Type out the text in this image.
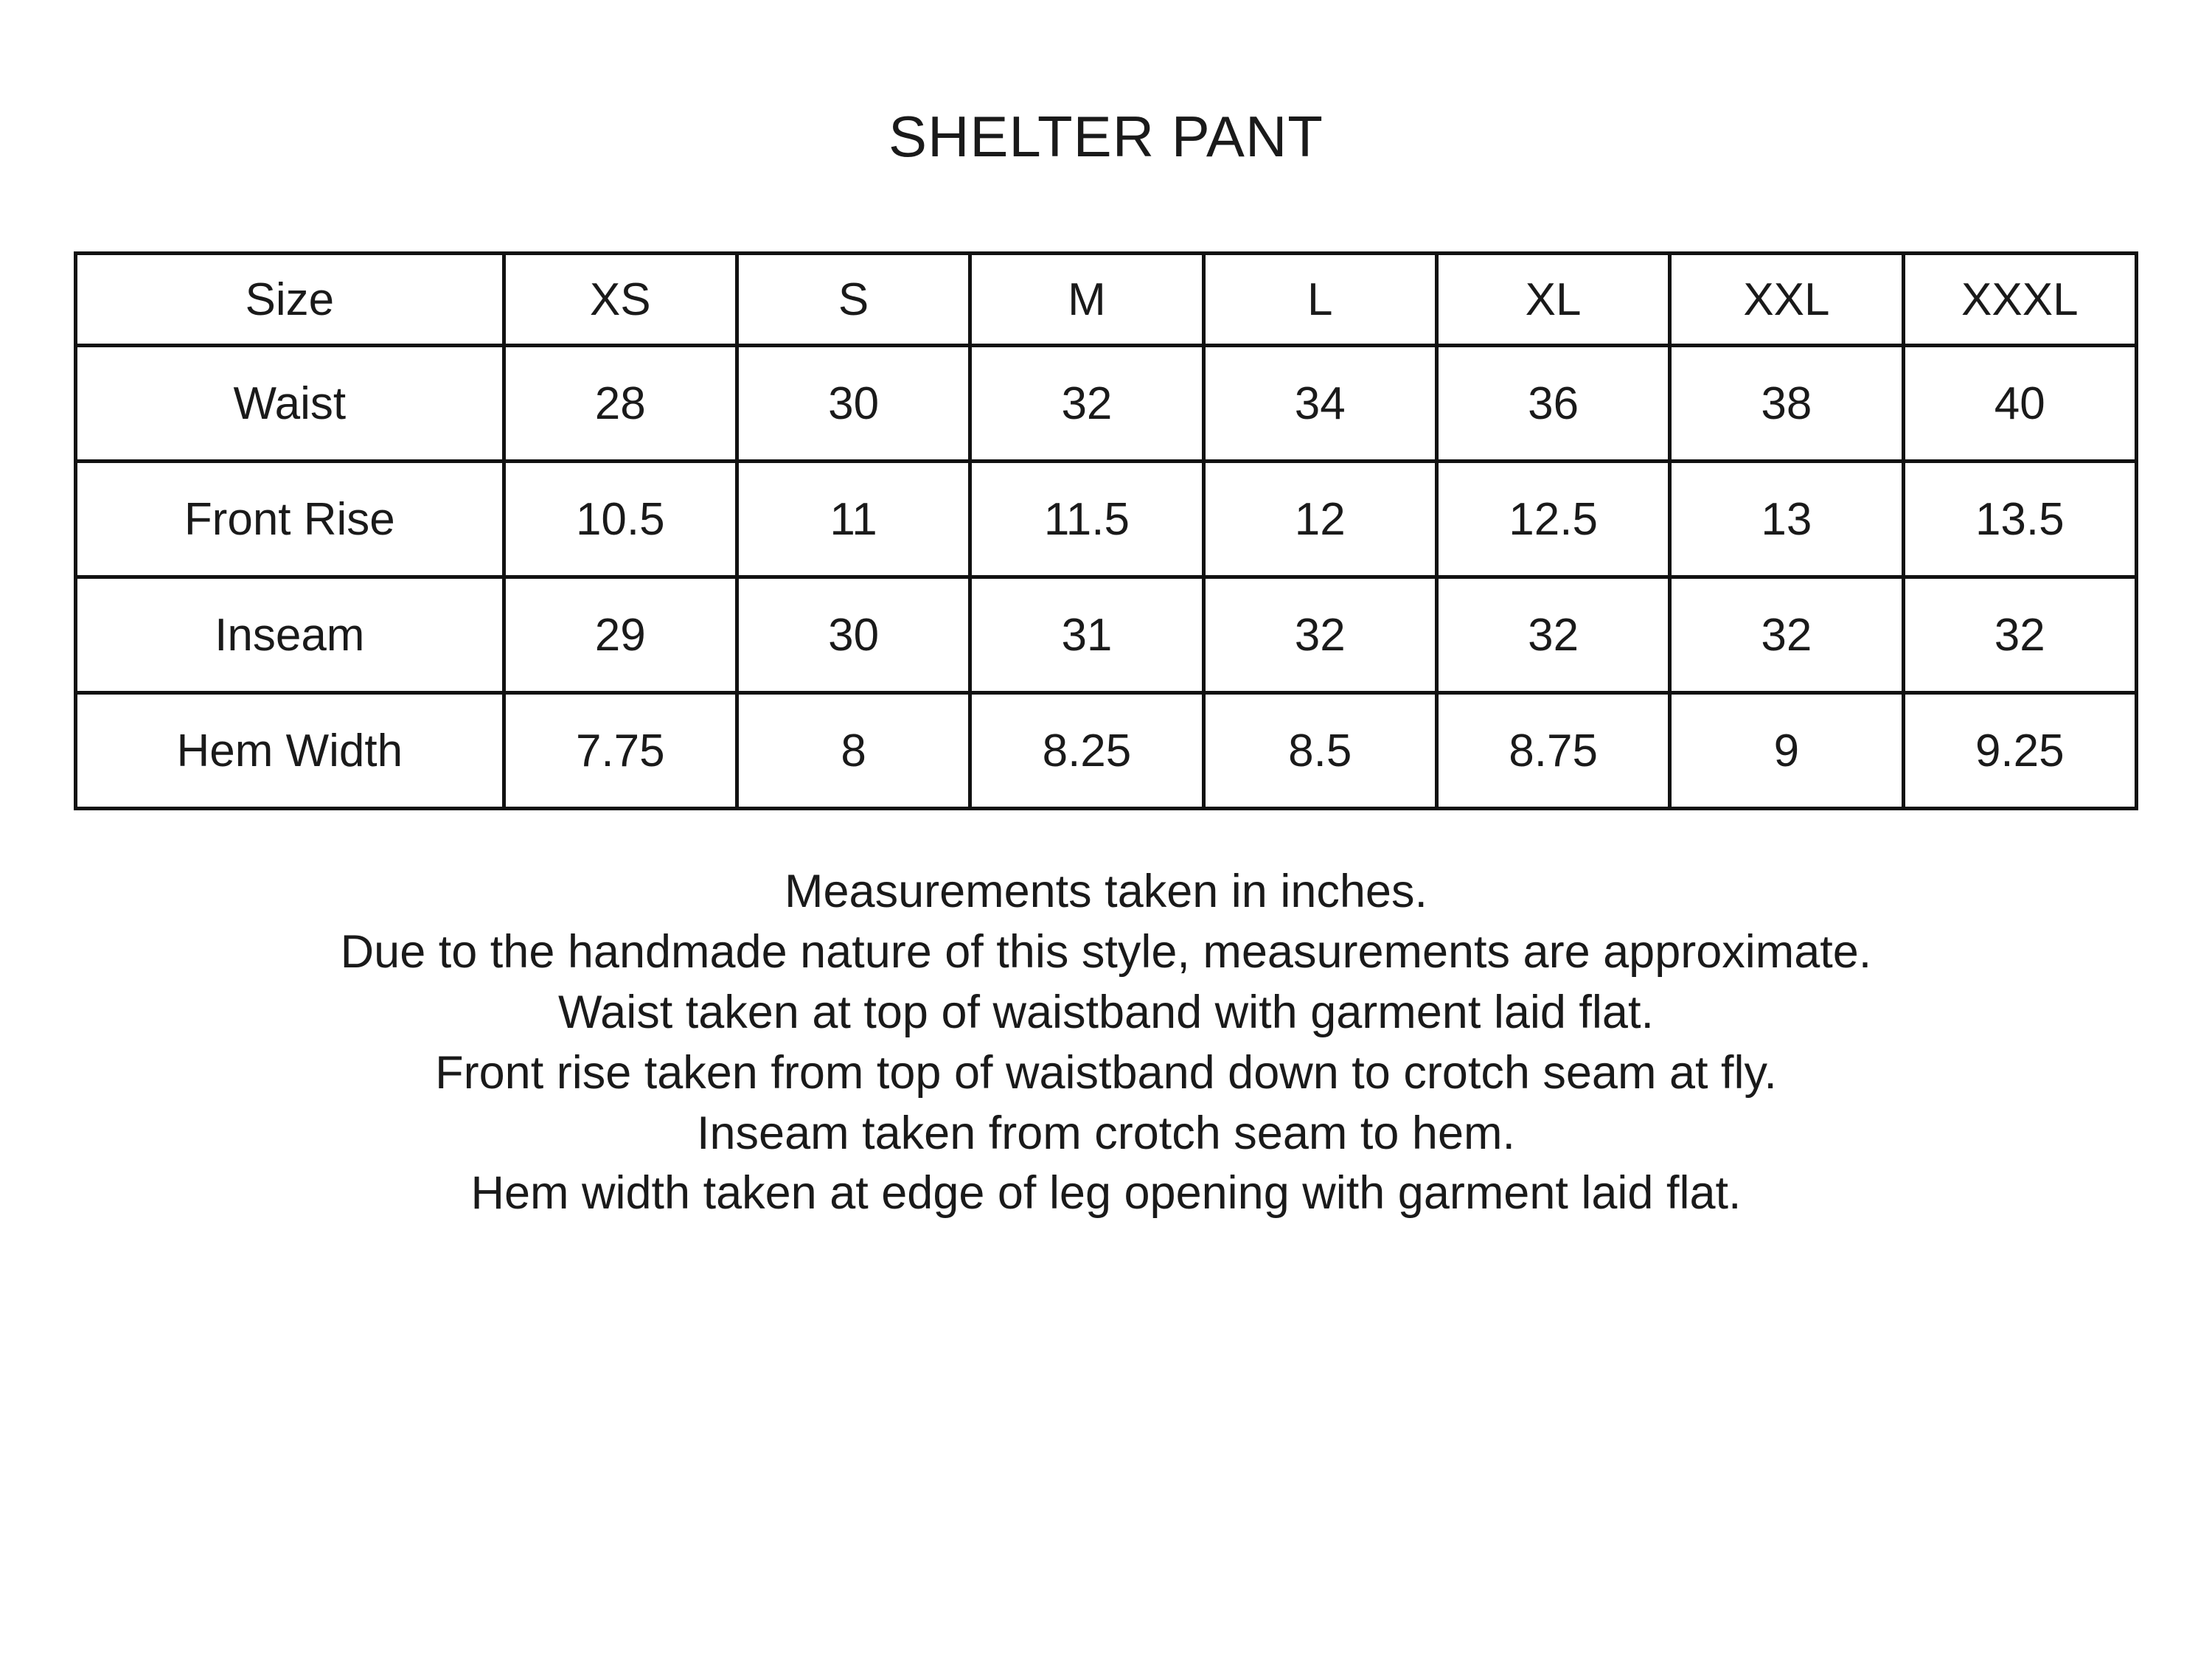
SHELTER PANT
Size	XS	S	M	L	XL	XXL	XXXL
Waist	28	30	32	34	36	38	40
Front Rise	10.5	11	11.5	12	12.5	13	13.5
Inseam	29	30	31	32	32	32	32
Hem Width	7.75	8	8.25	8.5	8.75	9	9.25
Measurements taken in inches.
Due to the handmade nature of this style, measurements are approximate.
Waist taken at top of waistband with garment laid flat.
Front rise taken from top of waistband down to crotch seam at fly.
Inseam taken from crotch seam to hem.
Hem width taken at edge of leg opening with garment laid flat.
